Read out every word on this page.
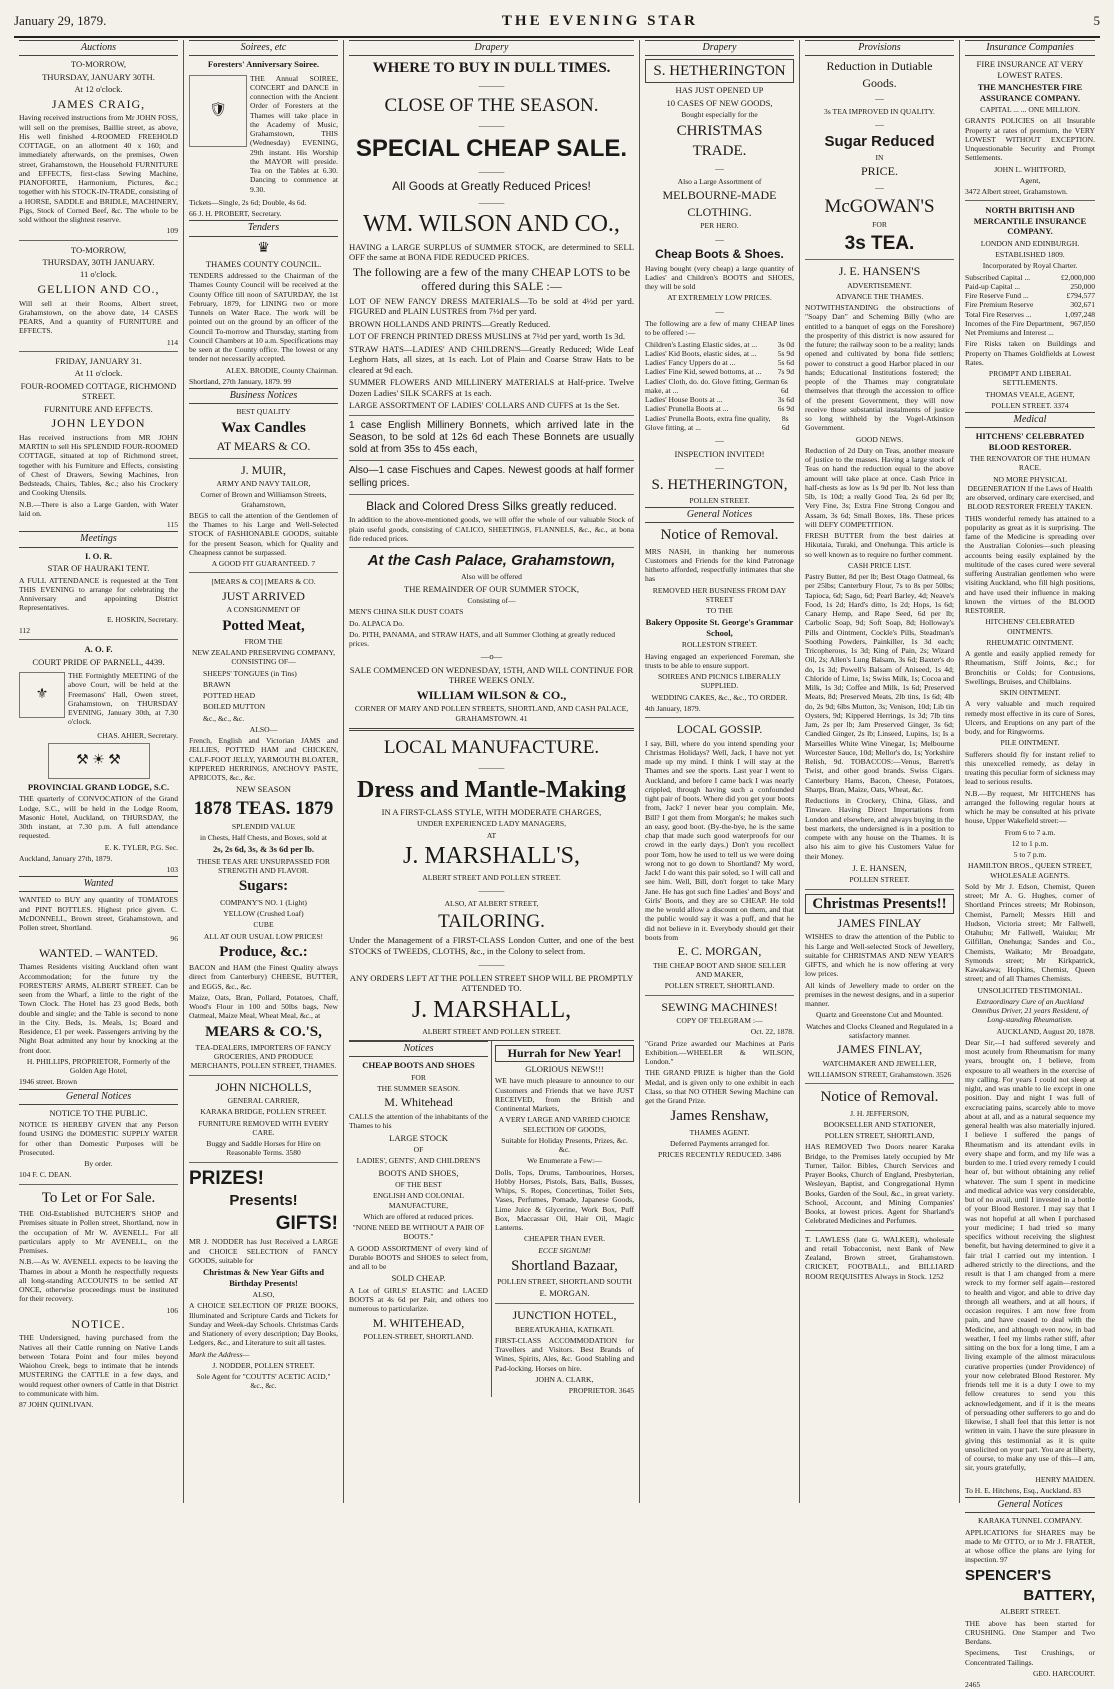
January 29, 1879.	THE EVENING STAR	5
Auctions

TO-MORROW,

THURSDAY, JANUARY 30TH.

At 12 o'clock.

JAMES CRAIG,

Having received instructions from Mr JOHN FOSS, will sell on the premises, Baillie street, as above, His well finished 4-ROOMED FREEHOLD COTTAGE, on an allotment 40 x 160; and immediately afterwards, on the premises, Owen street, Grahamstown, the Household FURNITURE and EFFECTS, first-class Sewing Machine, PIANOFORTE, Harmonium, Pictures, &c.; together with his STOCK-IN-TRADE, consisting of a HORSE, SADDLE and BRIDLE, MACHINERY, Pigs, Stock of Corned Beef, &c. The whole to be sold without the slightest reserve.

109

TO-MORROW,

THURSDAY, 30TH JANUARY.

11 o'clock.

GELLION AND CO.,

Will sell at their Rooms, Albert street, Grahamstown, on the above date, 14 CASES PEARS, And a quantity of FURNITURE and EFFECTS.

114

FRIDAY, JANUARY 31.

At 11 o'clock.

FOUR-ROOMED COTTAGE, RICHMOND STREET.

FURNITURE AND EFFECTS.

JOHN LEYDON

Has received instructions from MR JOHN MARTIN to sell His SPLENDID FOUR-ROOMED COTTAGE, situated at top of Richmond street, together with his Furniture and Effects, consisting of Chest of Drawers, Sewing Machines, Iron Bedsteads, Chairs, Tables, &c.; also his Crockery and Cooking Utensils.

N.B.—There is also a Large Garden, with Water laid on.

115

Meetings

I. O. R.

STAR OF HAURAKI TENT.

A FULL ATTENDANCE is requested at the Tent THIS EVENING to arrange for celebrating the Anniversary and appointing District Representatives.

E. HOSKIN, Secretary.

112

A. O. F.

COURT PRIDE OF PARNELL, 4439.

⚜

THE Fortnightly MEETING of the above Court, will be held at the Freemasons' Hall, Owen street, Grahamstown, on THURSDAY EVENING, January 30th, at 7.30 o'clock.

CHAS. AHIER, Secretary.

⚒ ☀ ⚒

PROVINCIAL GRAND LODGE, S.C.

THE quarterly of CONVOCATION of the Grand Lodge, S.C., will be held in the Lodge Room, Masonic Hotel, Auckland, on THURSDAY, the 30th instant, at 7.30 p.m. A full attendance requested.

E. K. TYLER, P.G. Sec.

Auckland, January 27th, 1879.

103

Wanted

WANTED to BUY any quantity of TOMATOES and PINT BOTTLES. Highest price given. C. McDONNELL, Brown street, Grahamstown, and Pollen street, Shortland.

96

WANTED. – WANTED.

Thames Residents visiting Auckland often want Accommodation; for the future try the FORESTERS' ARMS, ALBERT STREET. Can be seen from the Wharf, a little to the right of the Town Clock. The Hotel has 23 good Beds, both double and single; and the Table is second to none in the City. Beds, 1s. Meals, 1s; Board and Residence, £1 per week. Passengers arriving by the Night Boat admitted any hour by knocking at the front door.

H. PHILLIPS, PROPRIETOR, Formerly of the Golden Age Hotel,

1946 street. Brown

General Notices

NOTICE TO THE PUBLIC.

NOTICE IS HEREBY GIVEN that any Person found USING the DOMESTIC SUPPLY WATER for other than Domestic Purposes will be Prosecuted.

By order.

104 F. C. DEAN.

To Let or For Sale.

THE Old-Established BUTCHER'S SHOP and Premises situate in Pollen street, Shortland, now in the occupation of Mr W. AVENELL. For all particulars apply to Mr AVENELL, on the Premises.

N.B.—As W. AVENELL expects to be leaving the Thames in about a Month he respectfully requests all long-standing ACCOUNTS to be settled AT ONCE, otherwise proceedings must be instituted for their recovery.

106

NOTICE.

THE Undersigned, having purchased from the Natives all their Cattle running on Native Lands between Totara Point and four miles beyond Waiohou Creek, begs to intimate that he intends MUSTERING the CATTLE in a few days, and would request other owners of Cattle in that District to communicate with him.

87 JOHN QUINLIVAN.

Soirees, etc

Foresters' Anniversary Soiree.

🛡

THE Annual SOIREE, CONCERT and DANCE in connection with the Ancient Order of Foresters at the Thames will take place in the Academy of Music, Grahamstown, THIS (Wednesday) EVENING, 29th instant. His Worship the MAYOR will preside. Tea on the Tables at 6.30. Dancing to commence at 9.30.

Tickets—Single, 2s 6d; Double, 4s 6d.

66 J. H. PROBERT, Secretary.

Tenders
♛

THAMES COUNTY COUNCIL.

TENDERS addressed to the Chairman of the Thames County Council will be received at the County Office till noon of SATURDAY, the 1st February, 1879, for LINING two or more Tunnels on Water Race. The work will be pointed out on the ground by an officer of the Council To-morrow and Thursday, starting from Council Chambers at 10 a.m. Specifications may be seen at the County office. The lowest or any tender not necessarily accepted.

ALEX. BRODIE, County Chairman.

Shortland, 27th January, 1879. 99

Business Notices

BEST QUALITY

Wax Candles

AT MEARS & CO.

J. MUIR,

ARMY AND NAVY TAILOR,

Corner of Brown and Williamson Streets, Grahamstown,

BEGS to call the attention of the Gentlemen of the Thames to his Large and Well-Selected STOCK of FASHIONABLE GOODS, suitable for the present Season, which for Quality and Cheapness cannot be surpassed.

A GOOD FIT GUARANTEED. 7

[MEARS & CO] [MEARS & CO.

JUST ARRIVED

A CONSIGNMENT OF

Potted Meat,

FROM THE

NEW ZEALAND PRESERVING COMPANY, CONSISTING OF—

SHEEPS' TONGUES (in Tins)

BRAWN

POTTED HEAD

BOILED MUTTON

&c., &c., &c.

ALSO—

French, English and Victorian JAMS and JELLIES, POTTED HAM and CHICKEN, CALF-FOOT JELLY, YARMOUTH BLOATER, KIPPERED HERRINGS, ANCHOVY PASTE, APRICOTS, &c., &c.

NEW SEASON

1878 TEAS. 1879

SPLENDID VALUE

in Chests, Half Chests, and Boxes, sold at

2s, 2s 6d, 3s, & 3s 6d per lb.

THESE TEAS ARE UNSURPASSED FOR STRENGTH AND FLAVOR.

Sugars:

COMPANY'S NO. 1 (Light)

YELLOW (Crushed Loaf)

CUBE

ALL AT OUR USUAL LOW PRICES!

Produce, &c.:

BACON and HAM (the Finest Quality always direct from Canterbury) CHEESE, BUTTER, and EGGS, &c., &c.

Maize, Oats, Bran, Pollard, Potatoes, Chaff, Wood's Flour in 100 and 50lbs bags, New Oatmeal, Maize Meal, Wheat Meal, &c., at

MEARS & CO.'S,

TEA-DEALERS, IMPORTERS OF FANCY GROCERIES, AND PRODUCE MERCHANTS, POLLEN STREET, THAMES.

JOHN NICHOLLS,

GENERAL CARRIER,

KARAKA BRIDGE, POLLEN STREET.

FURNITURE REMOVED WITH EVERY CARE.

Buggy and Saddle Horses for Hire on Reasonable Terms. 3580

PRIZES!

Presents!

GIFTS!

MR J. NODDER has Just Received a LARGE and CHOICE SELECTION of FANCY GOODS, suitable for

Christmas & New Year Gifts and Birthday Presents!

ALSO,

A CHOICE SELECTION OF PRIZE BOOKS, Illuminated and Scripture Cards and Tickets for Sunday and Week-day Schools. Christmas Cards and Stationery of every description; Day Books, Ledgers, &c., and Literature to suit all tastes.

Mark the Address—

J. NODDER, POLLEN STREET.

Sole Agent for "COUTTS' ACETIC ACID," &c., &c.

Drapery

WHERE TO BUY IN DULL TIMES.

———

CLOSE OF THE SEASON.

———

SPECIAL CHEAP SALE.

———

All Goods at Greatly Reduced Prices!

———

WM. WILSON AND CO.,

HAVING a LARGE SURPLUS of SUMMER STOCK, are determined to SELL OFF the same at BONA FIDE REDUCED PRICES.

The following are a few of the many CHEAP LOTS to be offered during this SALE :—

LOT OF NEW FANCY DRESS MATERIALS—To be sold at 4½d per yard. FIGURED and PLAIN LUSTRES from 7½d per yard.

BROWN HOLLANDS AND PRINTS—Greatly Reduced.

LOT OF FRENCH PRINTED DRESS MUSLINS at 7½d per yard, worth 1s 3d.

STRAW HATS—LADIES' AND CHILDREN'S—Greatly Reduced; Wide Leaf Leghorn Hats, all sizes, at 1s each. Lot of Plain and Coarse Straw Hats to be cleared at 9d each.

SUMMER FLOWERS AND MILLINERY MATERIALS at Half-price. Twelve Dozen Ladies' SILK SCARFS at 1s each.

LARGE ASSORTMENT OF LADIES' COLLARS AND CUFFS at 1s the Set.

1 case English Millinery Bonnets, which arrived late in the Season, to be sold at 12s 6d each These Bonnets are usually sold at from 35s to 45s each,

Also—1 case Fischues and Capes. Newest goods at half former selling prices.

Black and Colored Dress Silks greatly reduced.

In addition to the above-mentioned goods, we will offer the whole of our valuable Stock of plain useful goods, consisting of CALICO, SHEETINGS, FLANNELS, &c., &c., at bona fide reduced prices.

At the Cash Palace, Grahamstown,

Also will be offered

THE REMAINDER OF OUR SUMMER STOCK,

Consisting of—

MEN'S CHINA SILK DUST COATS

Do. ALPACA Do.

Do. PITH, PANAMA, and STRAW HATS, and all Summer Clothing at greatly reduced prices.

—o—

SALE COMMENCED ON WEDNESDAY, 15TH, AND WILL CONTINUE FOR THREE WEEKS ONLY.

WILLIAM WILSON & CO.,

CORNER OF MARY AND POLLEN STREETS, SHORTLAND, AND CASH PALACE, GRAHAMSTOWN. 41

LOCAL MANUFACTURE.

———

Dress and Mantle-Making

IN A FIRST-CLASS STYLE, WITH MODERATE CHARGES,

UNDER EXPERIENCED LADY MANAGERS,

AT

J. MARSHALL'S,

ALBERT STREET AND POLLEN STREET.

———

ALSO, AT ALBERT STREET,

TAILORING.

Under the Management of a FIRST-CLASS London Cutter, and one of the best STOCKS of TWEEDS, CLOTHS, &c., in the Colony to select from.

———

ANY ORDERS LEFT AT THE POLLEN STREET SHOP WILL BE PROMPTLY ATTENDED TO.

J. MARSHALL,

ALBERT STREET AND POLLEN STREET.

Notices

CHEAP BOOTS AND SHOES

FOR

THE SUMMER SEASON.

M. Whitehead

CALLS the attention of the inhabitants of the Thames to his

LARGE STOCK

OF

LADIES', GENTS', AND CHILDREN'S

BOOTS AND SHOES,

OF THE BEST

ENGLISH AND COLONIAL MANUFACTURE,

Which are offered at reduced prices.

"NONE NEED BE WITHOUT A PAIR OF BOOTS."

A GOOD ASSORTMENT of every kind of Durable BOOTS and SHOES to select from, and all to be

SOLD CHEAP.

A Lot of GIRLS' ELASTIC and LACED BOOTS at 4s 6d per Pair, and others too numerous to particularize.

M. WHITEHEAD,

POLLEN-STREET, SHORTLAND.

Hurrah for New Year!

GLORIOUS NEWS!!!

WE have much pleasure to announce to our Customers and Friends that we have JUST RECEIVED, from the British and Continental Markets,

A VERY LARGE AND VARIED CHOICE SELECTION OF GOODS,

Suitable for Holiday Presents, Prizes, &c. &c.

We Enumerate a Few:—

Dolls, Tops, Drums, Tambourines, Horses, Hobby Horses, Pistols, Bats, Balls, Busses, Whips, S. Ropes, Concertinas, Toilet Sets, Vases, Perfumes, Pomade, Japanese Goods, Lime Juice & Glycerine, Work Box, Puff Box, Maccassar Oil, Hair Oil, Magic Lanterns.

CHEAPER THAN EVER.

ECCE SIGNUM!

Shortland Bazaar,

POLLEN STREET, SHORTLAND SOUTH

E. MORGAN.

JUNCTION HOTEL,

BEREATUKAHIA, KATIKATI.

FIRST-CLASS ACCOMMODATION for Travellers and Visitors. Best Brands of Wines, Spirits, Ales, &c. Good Stabling and Pad-locking. Horses on hire.

JOHN A. CLARK,

PROPRIETOR. 3645

Drapery

S. HETHERINGTON

HAS JUST OPENED UP

10 CASES OF NEW GOODS,

Bought especially for the

CHRISTMAS

TRADE.

—

Also a Large Assortment of

MELBOURNE-MADE

CLOTHING.

PER HERO.

—

Cheap Boots & Shoes.

Having bought (very cheap) a large quantity of Ladies' and Children's BOOTS and SHOES, they will be sold

AT EXTREMELY LOW PRICES.

—

The following are a few of many CHEAP lines to be offered :—

Children's Lasting Elastic sides, at ...	3s 0d
Ladies' Kid Boots, elastic sides, at ...	5s 9d
Ladies' Fancy Uppers do at ...	5s 6d
Ladies' Fine Kid, sewed bottoms, at ... 7s 9d
Ladies' Cloth, do. do. Glove fitting, German make, at ...
6s 6d
Ladies' House Boots at ...	3s 6d
Ladies' Prunella Boots at ...	6s 9d
Ladies' Prunella Boots, extra fine quality, Glove fitting, at ...
8s 6d
—

INSPECTION INVITED!

—

S. HETHERINGTON,

POLLEN STREET.

General Notices

Notice of Removal.

MRS NASH, in thanking her numerous Customers and Friends for the kind Patronage hitherto afforded, respectfully intimates that she has

REMOVED HER BUSINESS FROM DAY STREET

TO THE

Bakery Opposite St. George's Grammar School,

ROLLESTON STREET.

Having engaged an experienced Foreman, she trusts to be able to ensure support.

SOIREES AND PICNICS LIBERALLY SUPPLIED.

WEDDING CAKES, &c., &c., TO ORDER.

4th January, 1879.

LOCAL GOSSIP.

I say, Bill, where do you intend spending your Christmas Holidays? Well, Jack, I have not yet made up my mind. I think I will stay at the Thames and see the sports. Last year I went to Auckland, and before I came back I was nearly crippled, through having such a confounded tight pair of boots. Where did you get your boots from, Jack? I never hear you complain. Me, Bill? I got them from Morgan's; he makes such an easy, good boot. (By-the-bye, he is the same chap that made such good waterproofs for our crowd in the early days.) Don't you recollect poor Tom, how he used to tell us we were doing wrong not to go down to Shortland? My word, Jack! I do want this pair soled, so I will call and see him. Well, Bill, don't forget to take Mary Jane. He has got such fine Ladies' and Boys' and Girls' Boots, and they are so CHEAP. He told me he would allow a discount on them, and that the public would say it was a puff, and that he did not believe in it. Everybody should get their boots from

E. C. MORGAN,

THE CHEAP BOOT AND SHOE SELLER AND MAKER,

POLLEN STREET, SHORTLAND.

SEWING MACHINES!

COPY OF TELEGRAM :—

Oct. 22, 1878.

"Grand Prize awarded our Machines at Paris Exhibition.—WHEELER & WILSON, London."

THE GRAND PRIZE is higher than the Gold Medal, and is given only to one exhibit in each Class, so that NO OTHER Sewing Machine can get the Grand Prize.

James Renshaw,

THAMES AGENT.

Deferred Payments arranged for.

PRICES RECENTLY REDUCED. 3486

Provisions

Reduction in Dutiable

Goods.

—

3s TEA IMPROVED IN QUALITY.

—

Sugar Reduced

IN

PRICE.

—

McGOWAN'S

FOR

3s TEA.

J. E. HANSEN'S

ADVERTISEMENT.

ADVANCE THE THAMES.

NOTWITHSTANDING the obstructions of "Soapy Dan" and Scheming Billy (who are entitled to a banquet of eggs on the Foreshore) the prosperity of this district is now assured for the future; the railway soon to be a reality; lands opened and cultivated by bona fide settlers; power to construct a good Harbor placed in our hands; Educational Institutions fostered; the people of the Thames may congratulate themselves that through the accession to office of the present Government, they will now receive those substantial instalments of justice so long withheld by the Vogel-Atkinson Government.

GOOD NEWS.

Reduction of 2d Duty on Teas, another measure of justice to the masses. Having a large stock of Teas on hand the reduction equal to the above amount will take place at once. Cash Price in half-chests as low as 1s 9d per lb. Not less than 5lb, 1s 10d; a really Good Tea, 2s 6d per lb; Very Fine, 3s; Extra Fine Strong Congou and Assam, 3s 6d; Small Boxes, 18s. These prices will DEFY COMPETITION.

FRESH BUTTER from the best dairies at Hikutaia, Turaki, and Onehunga. This article is so well known as to require no further comment.

CASH PRICE LIST.

Pastry Butter, 8d per lb; Best Otago Oatmeal, 6s per 25lbs; Canterbury Flour, 7s to 8s per 50lbs; Tapioca, 6d; Sago, 6d; Pearl Barley, 4d; Neave's Food, 1s 2d; Hard's ditto, 1s 2d; Hops, 1s 6d; Canary Hemp, and Rape Seed, 6d per lb; Carbolic Soap, 9d; Soft Soap, 8d; Holloway's Pills and Ointment, Cockle's Pills, Steadman's Soothing Powders, Painkiller, 1s 3d each; Tricopherous, 1s 3d; King of Pain, 2s; Wizard Oil, 2s; Allen's Lung Balsam, 3s 6d; Baxter's do do, 1s 3d; Powell's Balsam of Aniseed, 1s 4d; Chloride of Lime, 1s; Swiss Milk, 1s; Cocoa and Milk, 1s 3d; Coffee and Milk, 1s 6d; Preserved Meats, 8d; Preserved Meats, 2lb tins, 1s 6d; 4lb do, 2s 9d; 6lbs Mutton, 3s; Venison, 10d; Lib tin Oysters, 9d; Kippered Herrings, 1s 3d; 7lb tins Jam, 2s per lb; Jam Preserved Ginger, 3s 6d; Candied Ginger, 2s lb; Linseed, Lupins, 1s; Is a Marseilles White Wine Vinegar, 1s; Melbourne Worcester Sauce, 10d; Mellor's do, 1s; Yorkshire Relish, 9d. TOBACCOS:—Venus, Barrett's Twist, and other good brands. Swiss Cigars. Canterbury Hams, Bacon, Cheese, Potatoes, Sharps, Bran, Maize, Oats, Wheat, &c.

Reductions in Crockery, China, Glass, and Tinware. Having Direct Importations from London and elsewhere, and always buying in the best markets, the undersigned is in a position to compete with any house on the Thames. It is also his aim to give his Customers Value for their Money.

J. E. HANSEN,

POLLEN STREET.

Christmas Presents!!

JAMES FINLAY

WISHES to draw the attention of the Public to his Large and Well-selected Stock of Jewellery, suitable for CHRISTMAS AND NEW YEAR'S GIFTS, and which he is now offering at very low prices.

All kinds of Jewellery made to order on the premises in the newest designs, and in a superior manner.

Quartz and Greenstone Cut and Mounted.

Watches and Clocks Cleaned and Regulated in a satisfactory manner.

JAMES FINLAY,

WATCHMAKER AND JEWELLER,

WILLIAMSON STREET, Grahamstown. 3526

Notice of Removal.

J. H. JEFFERSON,

BOOKSELLER AND STATIONER,

POLLEN STREET, SHORTLAND,

HAS REMOVED Two Doors nearer Karaka Bridge, to the Premises lately occupied by Mr Turner, Tailor. Bibles, Church Services and Prayer Books, Church of England, Presbyterian, Wesleyan, Baptist, and Congregational Hymn Books, Garden of the Soul, &c., in great variety. School, Account, and Mining Companies' Books, at lowest prices. Agent for Sharland's Celebrated Medicines and Perfumes.

T. LAWLESS (late G. WALKER), wholesale and retail Tobacconist, next Bank of New Zealand, Brown street, Grahamstown. CRICKET, FOOTBALL, and BILLIARD ROOM REQUISITES Always in Stock. 1252

Insurance Companies

FIRE INSURANCE AT VERY LOWEST RATES.

THE MANCHESTER FIRE ASSURANCE COMPANY.

CAPITAL ... ... ONE MILLION.

GRANTS POLICIES on all Insurable Property at rates of premium, the VERY LOWEST WITHOUT EXCEPTION. Unquestionable Security and Prompt Settlements.

JOHN L. WHITFORD,

Agent,

3472 Albert street, Grahamstown.

NORTH BRITISH AND MERCANTILE INSURANCE COMPANY.

LONDON AND EDINBURGH.

ESTABLISHED 1809.

Incorporated by Royal Charter.

Subscribed Capital ...	£2,000,000
Paid-up Capital ...	250,000
Fire Reserve Fund ...	£794,577
Fire Premium Reserve	302,671
Total Fire Reserves ...	1,097,248
Incomes of the Fire Department, Net Premiums and Interest ...
967,050

Fire Risks taken on Buildings and Property on Thames Goldfields at Lowest Rates.

PROMPT AND LIBERAL SETTLEMENTS.

THOMAS VEALE, AGENT,

POLLEN STREET. 3374

Medical

HITCHENS' CELEBRATED BLOOD RESTORER.

THE RENOVATOR OF THE HUMAN RACE.

NO MORE PHYSICAL DEGENERATION If the Laws of Health are observed, ordinary care exercised, and BLOOD RESTORER FREELY TAKEN.

THIS wonderful remedy has attained to a popularity as great as it is surprising. The fame of the Medicine is spreading over the Australian Colonies—such pleasing accounts being easily explained by the multitude of the cases cured were several suffering Australian gentlemen who were visiting Auckland, who fill high positions, and have used their influence in making known the virtues of the BLOOD RESTORER.

HITCHENS' CELEBRATED OINTMENTS.

RHEUMATIC OINTMENT.

A gentle and easily applied remedy for Rheumatism, Stiff Joints, &c.; for Bronchitis or Colds; for Contusions, Swellings, Bruises, and Chilblains.

SKIN OINTMENT.

A very valuable and much required remedy most effective in its cure of Sores, Ulcers, and Eruptions on any part of the body, and for Ringworms.

PILE OINTMENT.

Sufferers should fly for instant relief to this unexcelled remedy, as delay in treating this peculiar form of sickness may lead to serious results.

N.B.—By request, Mr HITCHENS has arranged the following regular hours at which he may be consulted at his private house, Upper Wakefield street:—

From 6 to 7 a.m.

12 to 1 p.m.

5 to 7 p.m.

HAMILTON BROS., QUEEN STREET, WHOLESALE AGENTS.

Sold by Mr J. Edson, Chemist, Queen street; Mr A. G. Hughes, corner of Shortland Princes streets; Mr Robinson, Chemist, Parnell; Messrs Hill and Hudson, Victoria street; Mr Fallwell, Otahuhu; Mr Fallwell, Waiuku; Mr Gilfillan, Onehunga; Sandes and Co., Chemists, Waikato; Mr Broadgate, Symonds street; Mr Kirkpatrick, Kawakawa; Hopkins, Chemist, Queen street; and of all Thames Chemists.

UNSOLICITED TESTIMONIAL.

Extraordinary Cure of an Auckland Omnibus Driver, 21 years Resident, of Long-standing Rheumatism.

AUCKLAND, August 20, 1878.

Dear Sir,—I had suffered severely and most acutely from Rheumatism for many years, brought on, I believe, from exposure to all weathers in the exercise of my calling. For years I could not sleep at night, and was unable to lie except in one position. Day and night I was full of excruciating pains, scarcely able to move about at all, and as a natural sequence my general health was also materially injured. I believe I suffered the pangs of Rheumatism and its attendant evils in every shape and form, and my life was a burden to me. I tried every remedy I could hear of, but without obtaining any relief whatever. The sum I spent in medicine and medical advice was very considerable, but of no avail, until I invested in a bottle of your Blood Restorer. I may say that I was not hopeful at all when I purchased your medicine; I had tried so many specifics without receiving the slightest benefit, but having determined to give it a fair trial I carried out my intention. I adhered strictly to the directions, and the result is that I am changed from a mere wreck to my former self again—restored to health and vigor, and able to drive day through all weathers, and at all hours, if occasion requires. I am now free from pain, and have ceased to deal with the Medicine, and although even now, in bad weather, I feel my limbs rather stiff, after sitting on the box for a long time, I am a living example of the almost miraculous curative properties (under Providence) of your now celebrated Blood Restorer. My friends tell me it is a duty I owe to my fellow creatures to send you this acknowledgement, and if it is the means of persuading other sufferers to go and do likewise, I shall feel that this letter is not written in vain. I have the sure pleasure in giving this testimonial as it is quite unsolicited on your part. You are at liberty, of course, to make any use of this—I am, sir, yours gratefully,

HENRY MAIDEN.

To H. E. Hitchens, Esq., Auckland. 83

General Notices

KARAKA TUNNEL COMPANY.

APPLICATIONS for SHARES may be made to Mr OTTO, or to Mr J. FRATER, at whose office the plans are lying for inspection. 97

SPENCER'S

BATTERY,

ALBERT STREET.

THE above has been started for CRUSHING. One Stamper and Two Berdans.

Specimens, Test Crushings, or Concentrated Tailings.

GEO. HARCOURT.

2465
